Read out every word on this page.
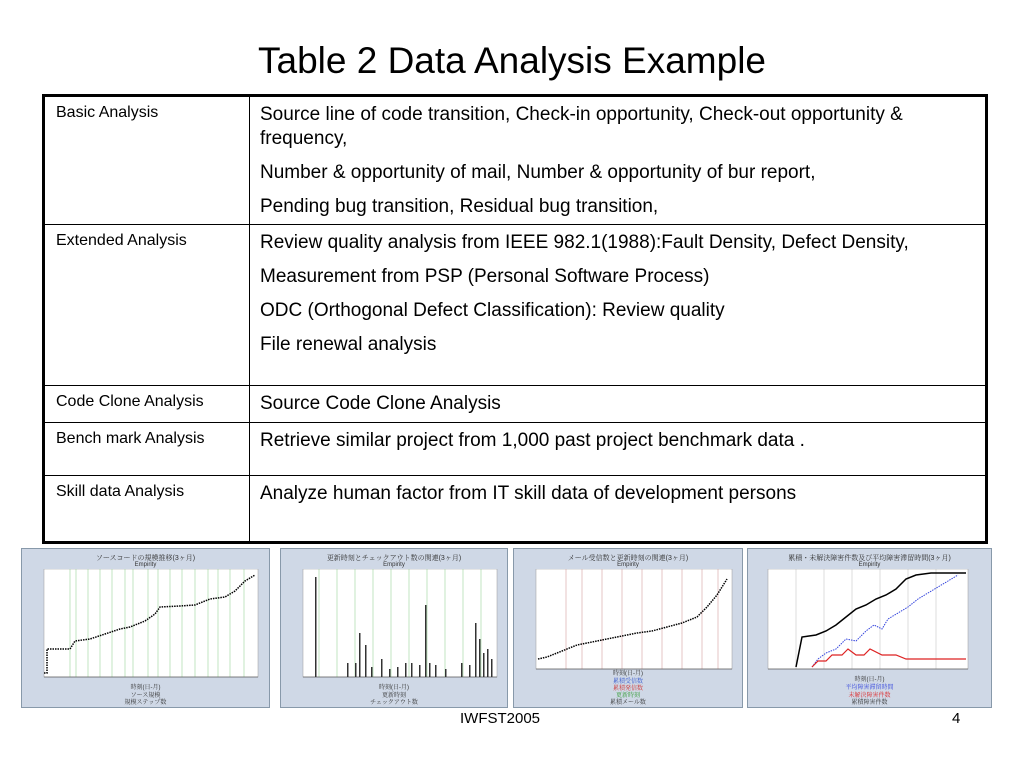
Table 2 Data Analysis Example
Basic Analysis	Source line of code transition, Check-in opportunity, Check-out opportunity & frequency,
Number & opportunity of mail, Number & opportunity of bur report,
Pending bug transition, Residual bug transition,

Extended Analysis	Review quality analysis from IEEE 982.1(1988):Fault Density, Defect Density,
Measurement from PSP (Personal Software Process)
ODC (Orthogonal Defect Classification): Review quality
File renewal analysis

Code Clone Analysis	Source Code Clone Analysis

Bench mark Analysis	Retrieve similar project from 1,000 past project benchmark data .

Skill data Analysis	Analyze human factor from IT skill data of development persons
ソースコードの規模推移(3ヶ月)
Empirity
時刻(日-月)
ソース規模
規模ステップ数
更新時刻とチェックアウト数の関連(3ヶ月)
Empirity
時刻(日-月)
更新時刻
チェックアウト数
メール受信数と更新時刻の関連(3ヶ月)
Empirity
時刻(日-月)
累積受信数
累積発信数
更新時刻
累積メール数
累積・未解決障害件数及び平均障害滞留時間(3ヶ月)
Empirity
時刻(日-月)
平均障害滞留時間
未解決障害件数
累積障害件数
IWFST2005	4
